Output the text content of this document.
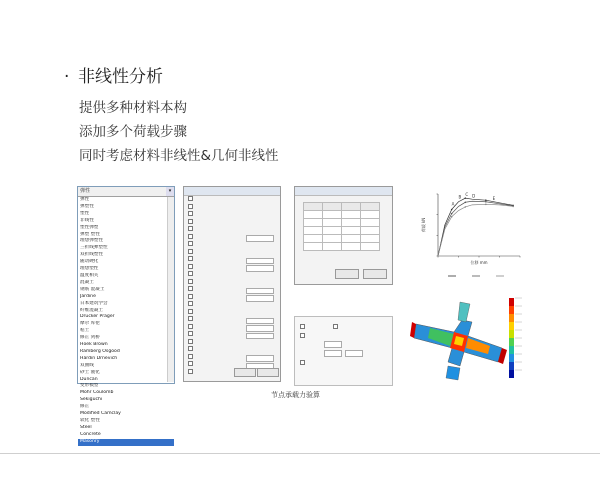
· 非线性分析
提供多种材料本构
添加多个荷载步骤
同时考虑材料非线性&几何非线性
弹性	▾
弹性
弹塑性
塑性
非线性
塑性弹塑
弹塑 塑性
理想弹塑性
三折线弹塑性
双折线塑性
随动硬化
理想塑性
温度相关
混凝土
钢筋 混凝土
Jardine
日本建筑学会
纤维混凝土
Drucker Prager
摩尔 库伦
粘土
修正 剑桥
Hoek Brown
Ramberg Osgood
Hardin Drnevich
双曲线
砂土 液化
Duncan
变形模型
Mohr Coulomb
Sekiguchi
修正
Modified Camclay
软化 塑性
Steel
Concrete
Masonry

A
B
C D
E
位移 mm
荷载 kN
节点承载力验算
